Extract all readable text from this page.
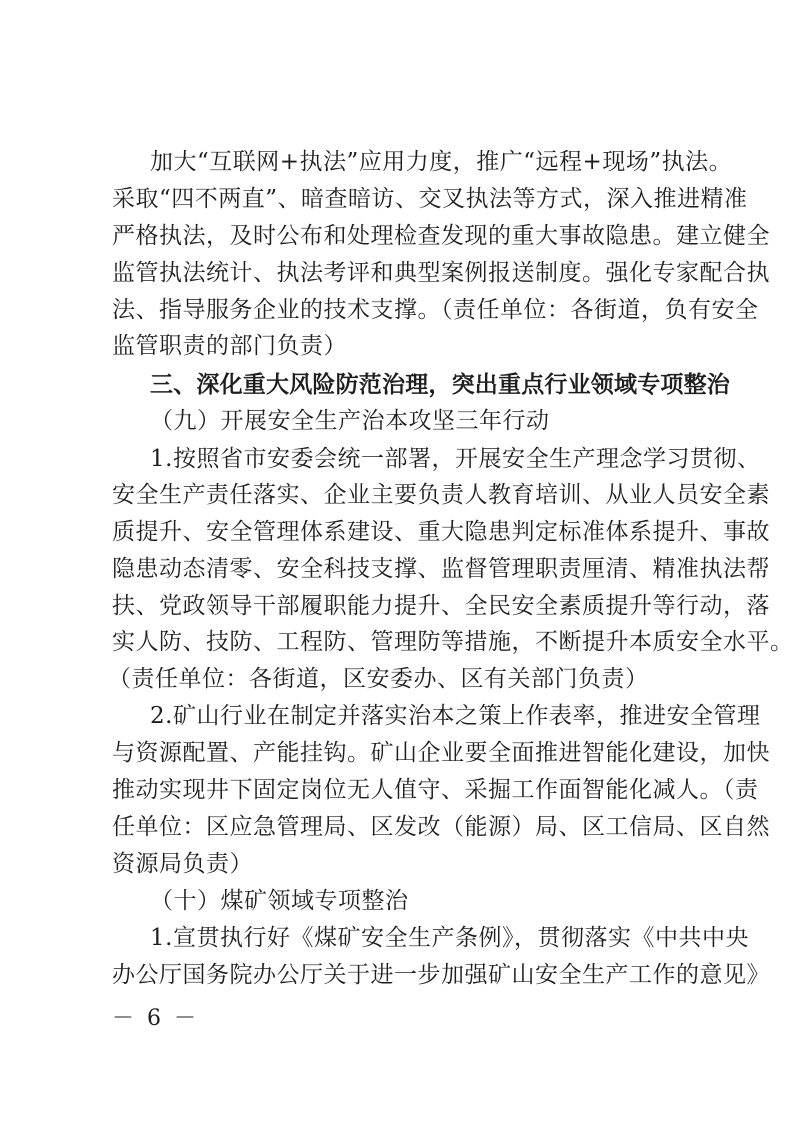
加大“互联网+执法”应用力度，推广“远程+现场”执法。
采取“四不两直”、暗查暗访、交叉执法等方式，深入推进精准
严格执法，及时公布和处理检查发现的重大事故隐患。建立健全
监管执法统计、执法考评和典型案例报送制度。强化专家配合执
法、指导服务企业的技术支撑。（责任单位：各街道，负有安全
监管职责的部门负责）
三、深化重大风险防范治理，突出重点行业领域专项整治
（九）开展安全生产治本攻坚三年行动
1.按照省市安委会统一部署，开展安全生产理念学习贯彻、
安全生产责任落实、企业主要负责人教育培训、从业人员安全素
质提升、安全管理体系建设、重大隐患判定标准体系提升、事故
隐患动态清零、安全科技支撑、监督管理职责厘清、精准执法帮
扶、党政领导干部履职能力提升、全民安全素质提升等行动，落
实人防、技防、工程防、管理防等措施，不断提升本质安全水平。
（责任单位：各街道，区安委办、区有关部门负责）
2.矿山行业在制定并落实治本之策上作表率，推进安全管理
与资源配置、产能挂钩。矿山企业要全面推进智能化建设，加快
推动实现井下固定岗位无人值守、采掘工作面智能化减人。（责
任单位：区应急管理局、区发改（能源）局、区工信局、区自然
资源局负责）
（十）煤矿领域专项整治
1.宣贯执行好《煤矿安全生产条例》，贯彻落实《中共中央
办公厅国务院办公厅关于进一步加强矿山安全生产工作的意见》
－ 6 －
